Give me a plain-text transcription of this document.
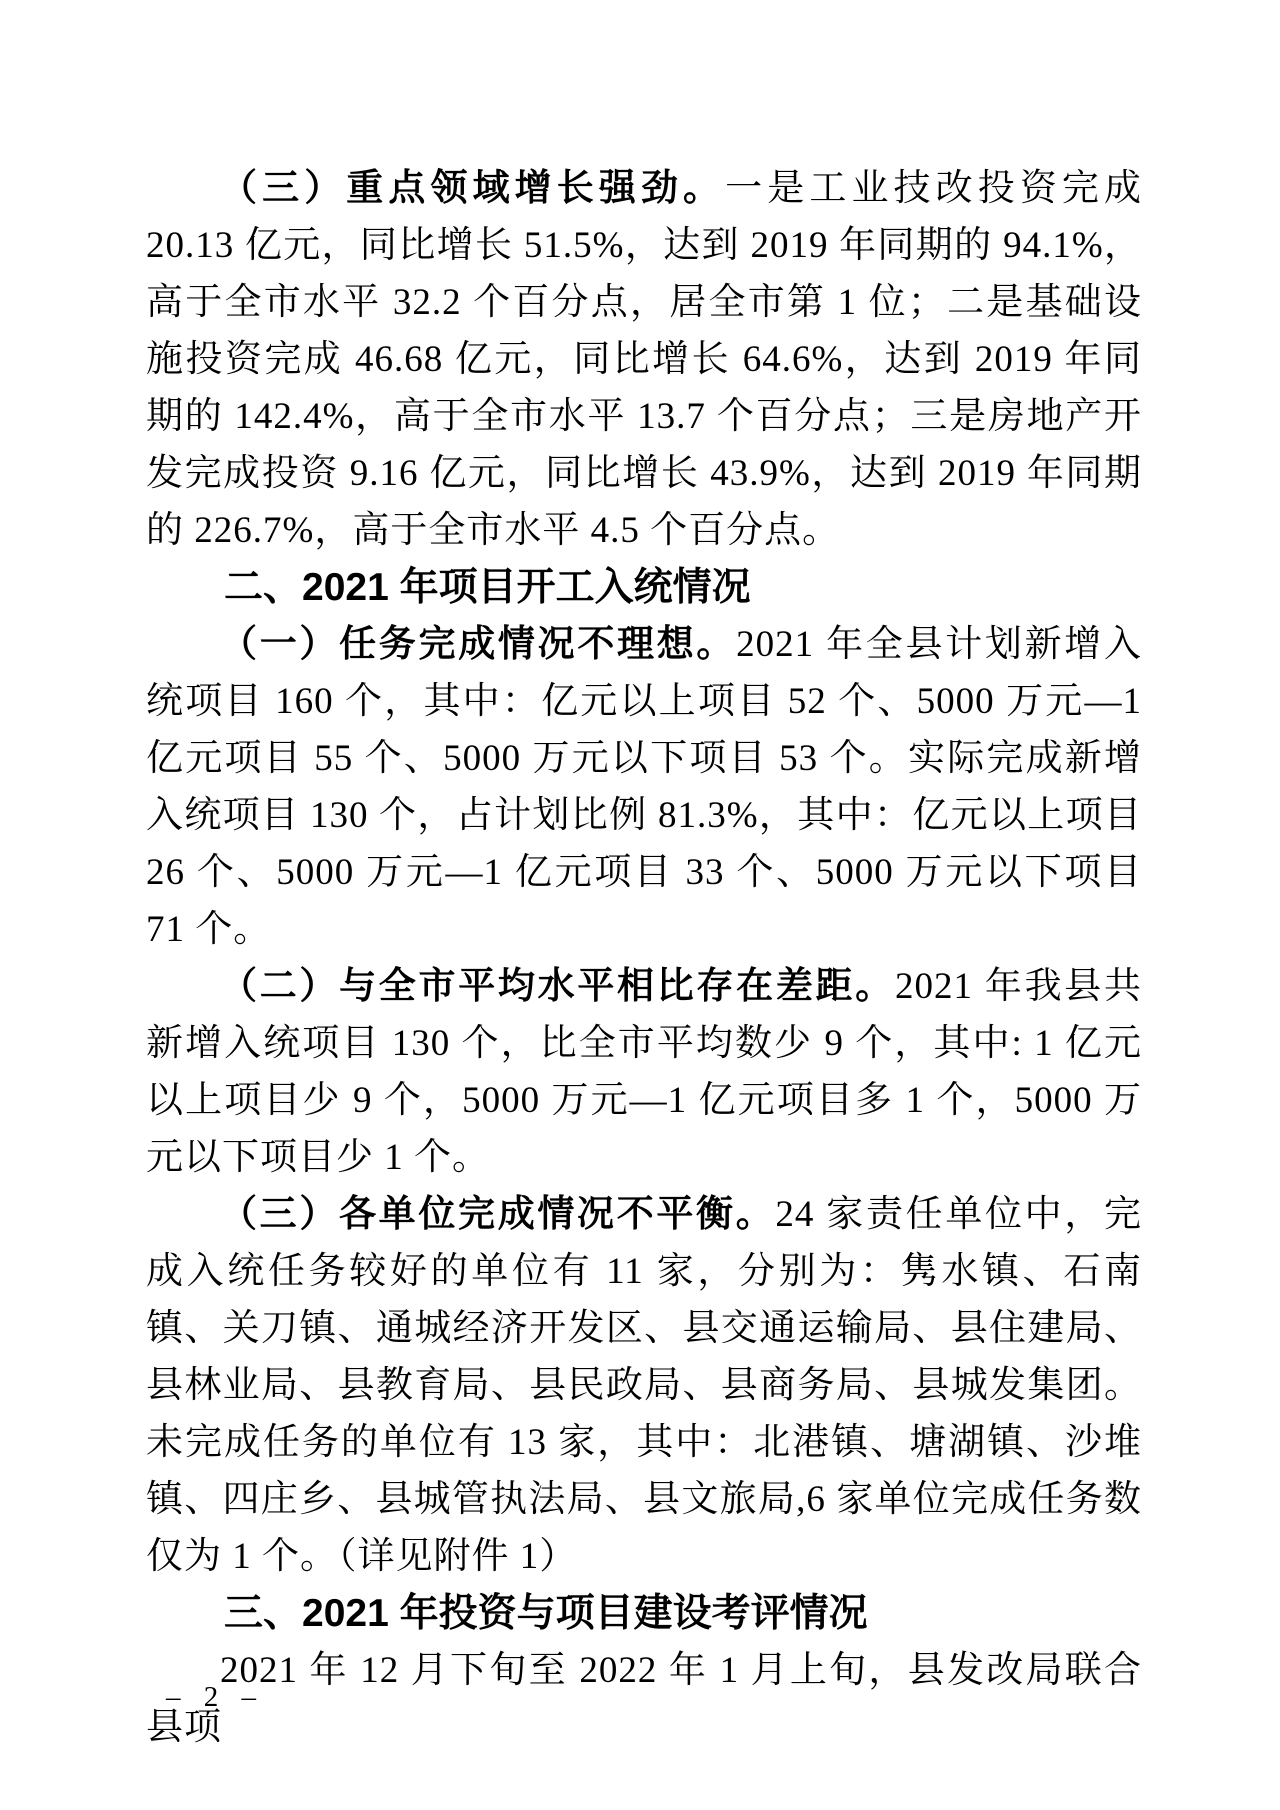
（三）重点领域增长强劲。一是工业技改投资完成 20.13 亿元，同比增长 51.5%，达到 2019 年同期的 94.1%，高于全市水平 32.2 个百分点，居全市第 1 位；二是基础设施投资完成 46.68 亿元，同比增长 64.6%，达到 2019 年同期的 142.4%，高于全市水平 13.7 个百分点；三是房地产开发完成投资 9.16 亿元，同比增长 43.9%，达到 2019 年同期的 226.7%，高于全市水平 4.5 个百分点。

二、2021 年项目开工入统情况

（一）任务完成情况不理想。2021 年全县计划新增入统项目 160 个，其中：亿元以上项目 52 个、5000 万元—1 亿元项目 55 个、5000 万元以下项目 53 个。实际完成新增入统项目 130 个，占计划比例 81.3%，其中：亿元以上项目 26 个、5000 万元—1 亿元项目 33 个、5000 万元以下项目 71 个。

（二）与全市平均水平相比存在差距。2021 年我县共新增入统项目 130 个，比全市平均数少 9 个，其中: 1 亿元以上项目少 9 个，5000 万元—1 亿元项目多 1 个，5000 万元以下项目少 1 个。

（三）各单位完成情况不平衡。24 家责任单位中，完成入统任务较好的单位有 11 家，分别为：隽水镇、石南镇、关刀镇、通城经济开发区、县交通运输局、县住建局、县林业局、县教育局、县民政局、县商务局、县城发集团。未完成任务的单位有 13 家，其中：北港镇、塘湖镇、沙堆镇、四庄乡、县城管执法局、县文旅局,6 家单位完成任务数仅为 1 个。（详见附件 1）

三、2021 年投资与项目建设考评情况

2021 年 12 月下旬至 2022 年 1 月上旬，县发改局联合县项

– 2 –
